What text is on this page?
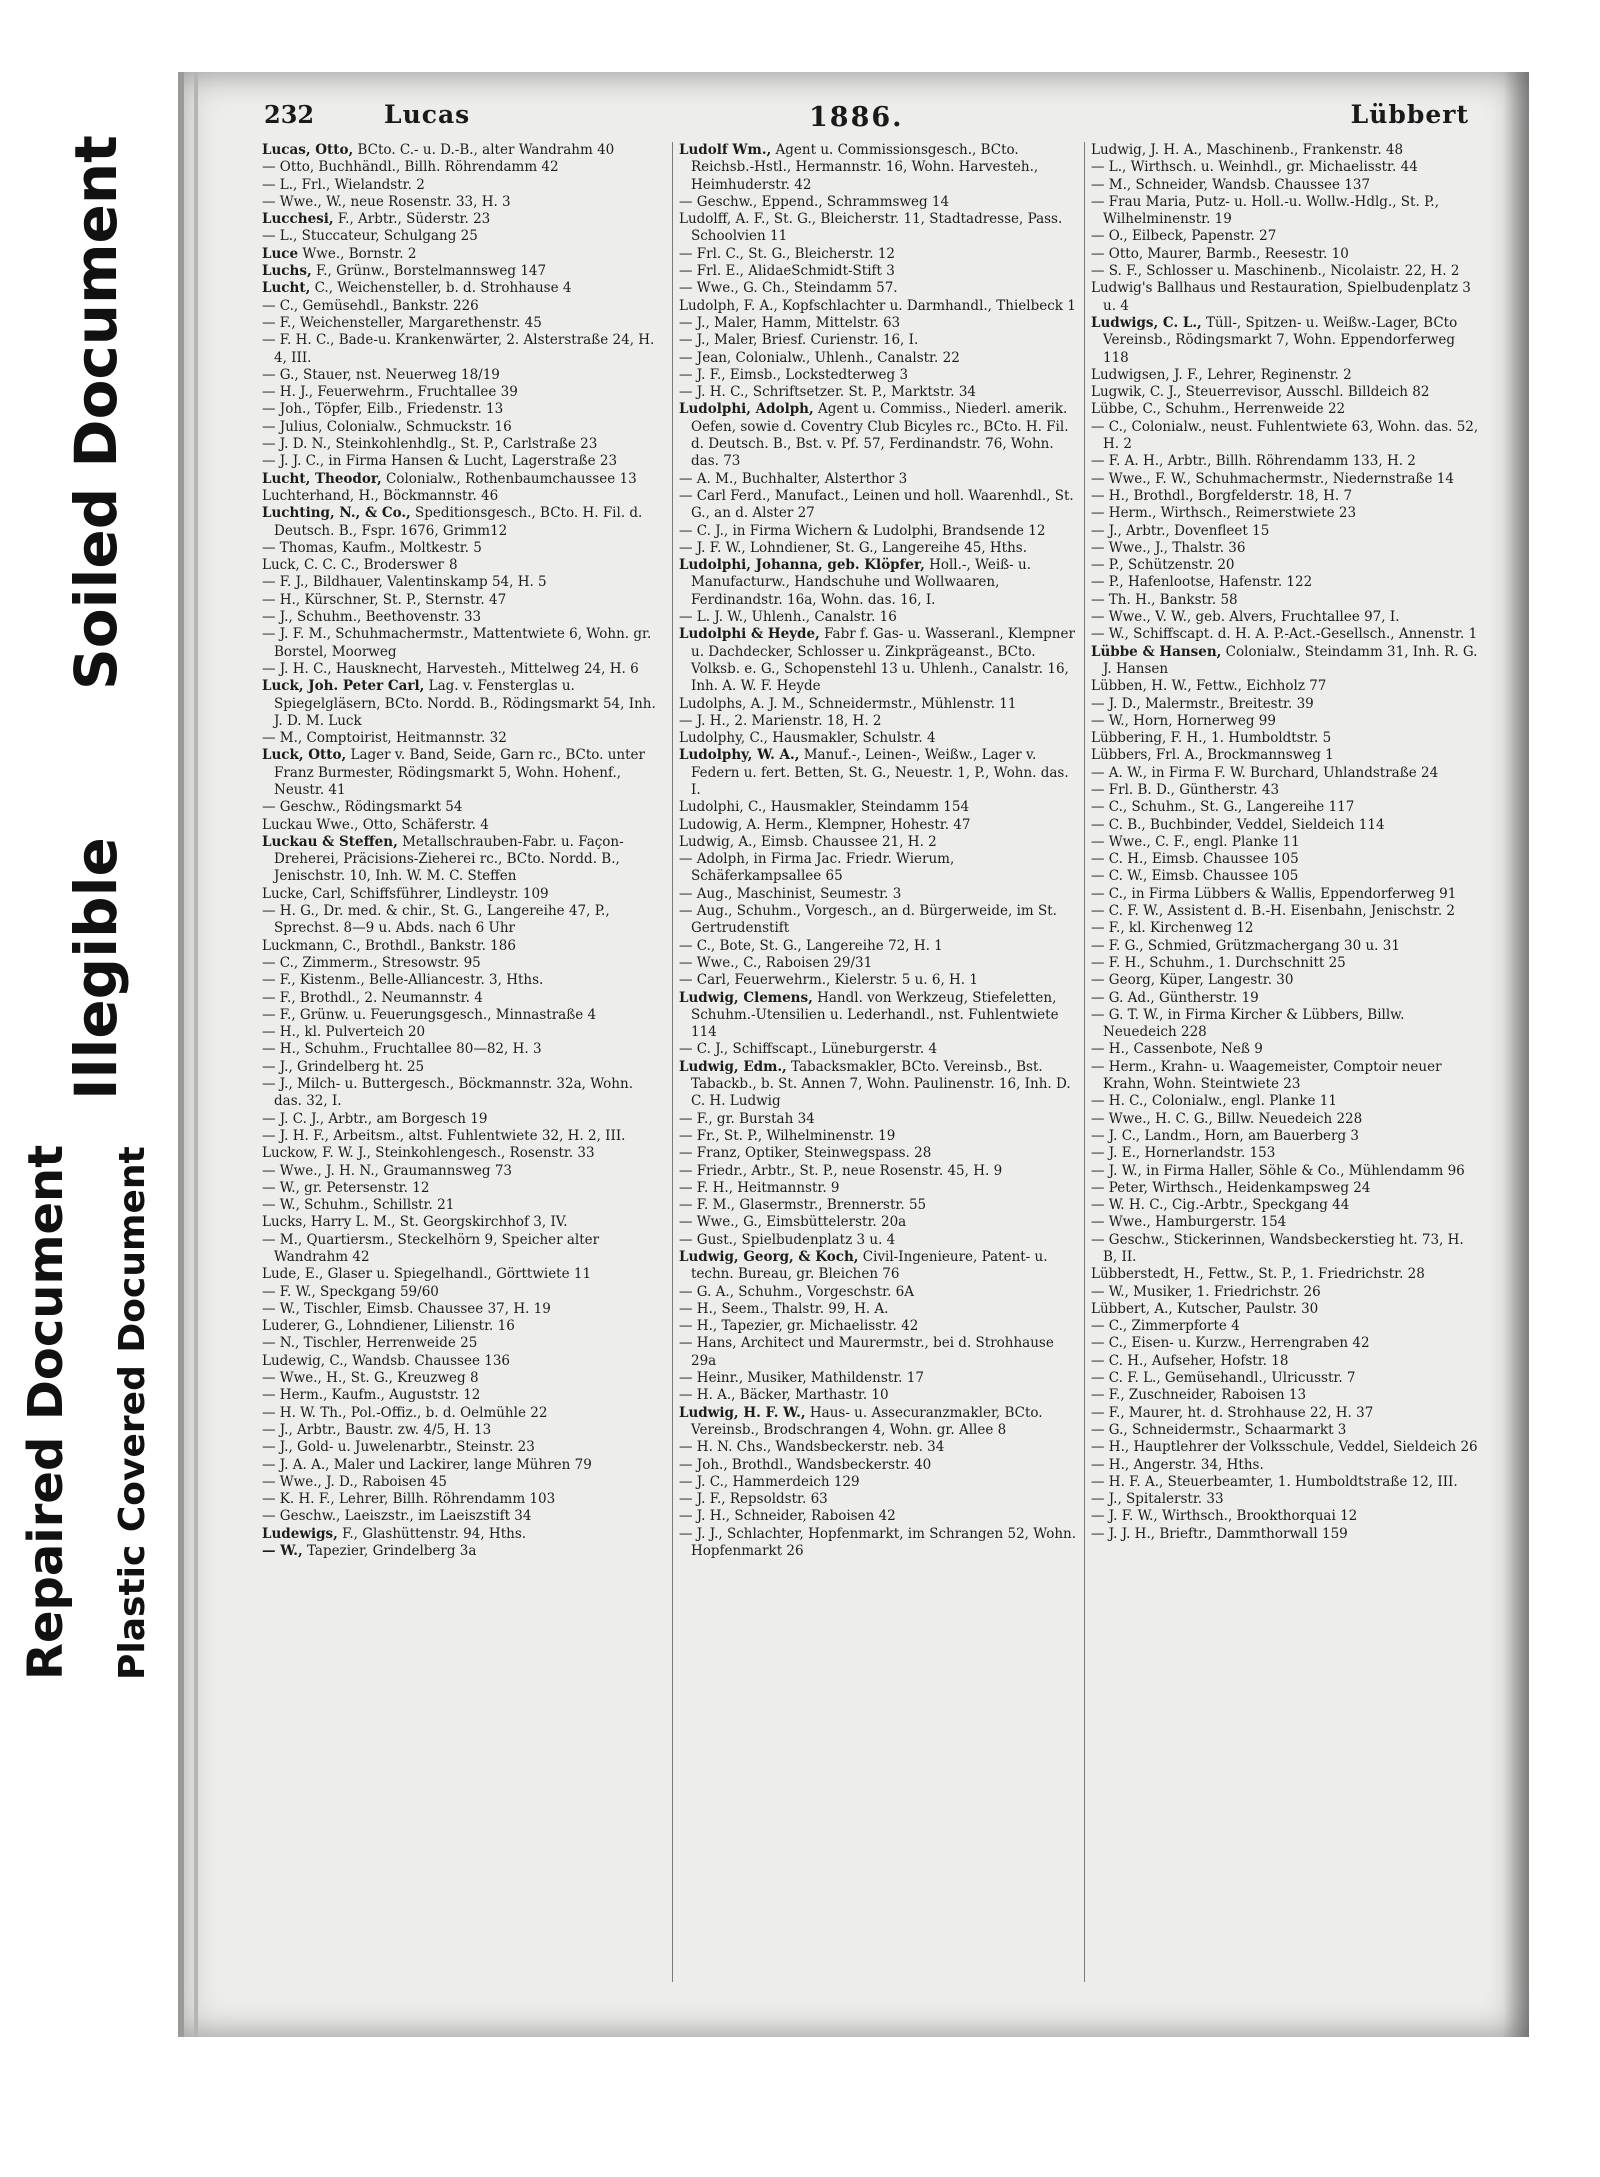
Soiled Document
Illegible
Repaired Document Plastic Covered Document
232	Lucas	1886.	Lübbert

Lucas, Otto, BCto. C.- u. D.-B., alter Wandrahm 40

— Otto, Buchhändl., Billh. Röhrendamm 42

— L., Frl., Wielandstr. 2

— Wwe., W., neue Rosenstr. 33, H. 3

Lucchesi, F., Arbtr., Süderstr. 23

— L., Stuccateur, Schulgang 25

Luce Wwe., Bornstr. 2

Luchs, F., Grünw., Borstelmannsweg 147

Lucht, C., Weichensteller, b. d. Strohhause 4

— C., Gemüsehdl., Bankstr. 226

— F., Weichensteller, Margarethenstr. 45

— F. H. C., Bade-u. Krankenwärter, 2. Alsterstraße 24, H. 4, III.

— G., Stauer, nst. Neuerweg 18/19

— H. J., Feuerwehrm., Fruchtallee 39

— Joh., Töpfer, Eilb., Friedenstr. 13

— Julius, Colonialw., Schmuckstr. 16

— J. D. N., Steinkohlenhdlg., St. P., Carlstraße 23

— J. J. C., in Firma Hansen & Lucht, Lagerstraße 23

Lucht, Theodor, Colonialw., Rothenbaumchaussee 13

Luchterhand, H., Böckmannstr. 46

Luchting, N., & Co., Speditionsgesch., BCto. H. Fil. d. Deutsch. B., Fspr. 1676, Grimm12

— Thomas, Kaufm., Moltkestr. 5

Luck, C. C. C., Broderswег 8

— F. J., Bildhauer, Valentinskamp 54, H. 5

— H., Kürschner, St. P., Sternstr. 47

— J., Schuhm., Beethovenstr. 33

— J. F. M., Schuhmachermstr., Mattentwiete 6, Wohn. gr. Borstel, Moorweg

— J. H. C., Hausknecht, Harvesteh., Mittelweg 24, H. 6

Luck, Joh. Peter Carl, Lag. v. Fensterglas u. Spiegelgläsern, BCto. Nordd. B., Rödingsmarkt 54, Inh. J. D. M. Luck

— M., Comptoirist, Heitmannstr. 32

Luck, Otto, Lager v. Band, Seide, Garn rc., BCto. unter Franz Burmester, Rödingsmarkt 5, Wohn. Hohenf., Neustr. 41

— Geschw., Rödingsmarkt 54

Luckau Wwe., Otto, Schäferstr. 4

Luckau & Steffen, Metallschrauben-Fabr. u. Façon-Dreherei, Präcisions-Zieherei rc., BCto. Nordd. B., Jenischstr. 10, Inh. W. M. C. Steffen

Lucke, Carl, Schiffsführer, Lindleystr. 109

— H. G., Dr. med. & chir., St. G., Langereihe 47, P., Sprechst. 8—9 u. Abds. nach 6 Uhr

Luckmann, C., Brothdl., Bankstr. 186

— C., Zimmerm., Stresowstr. 95

— F., Kistenm., Belle-Alliancestr. 3, Hths.

— F., Brothdl., 2. Neumannstr. 4

— F., Grünw. u. Feuerungsgesch., Minnastraße 4

— H., kl. Pulverteich 20

— H., Schuhm., Fruchtallee 80—82, H. 3

— J., Grindelberg ht. 25

— J., Milch- u. Buttergesch., Böckmannstr. 32a, Wohn. das. 32, I.

— J. C. J., Arbtr., am Borgesch 19

— J. H. F., Arbeitsm., altst. Fuhlentwiete 32, H. 2, III.

Luckow, F. W. J., Steinkohlengesch., Rosenstr. 33

— Wwe., J. H. N., Graumannsweg 73

— W., gr. Petersenstr. 12

— W., Schuhm., Schillstr. 21

Lucks, Harry L. M., St. Georgskirchhof 3, IV.

— M., Quartiersm., Steckelhörn 9, Speicher alter Wandrahm 42

Lude, E., Glaser u. Spiegelhandl., Görttwiete 11

— F. W., Speckgang 59/60

— W., Tischler, Eimsb. Chaussee 37, H. 19

Luderer, G., Lohndiener, Lilienstr. 16

— N., Tischler, Herrenweide 25

Ludewig, C., Wandsb. Chaussee 136

— Wwe., H., St. G., Kreuzweg 8

— Herm., Kaufm., Auguststr. 12

— H. W. Th., Pol.-Offiz., b. d. Oelmühle 22

— J., Arbtr., Baustr. zw. 4/5, H. 13

— J., Gold- u. Juwelenarbtr., Steinstr. 23

— J. A. A., Maler und Lackirer, lange Mühren 79

— Wwe., J. D., Raboisen 45

— K. H. F., Lehrer, Billh. Röhrendamm 103

— Geschw., Laeiszstr., im Laeiszstift 34

Ludewigs, F., Glashüttenstr. 94, Hths.

— W., Tapezier, Grindelberg 3a

Ludolf Wm., Agent u. Commissionsgesch., BCto. Reichsb.-Hstl., Hermannstr. 16, Wohn. Harvesteh., Heimhuderstr. 42

— Geschw., Eppend., Schrammsweg 14

Ludolff, A. F., St. G., Bleicherstr. 11, Stadtadresse, Pass. Schoolvien 11

— Frl. C., St. G., Bleicherstr. 12

— Frl. E., AlidaeSchmidt-Stift 3

— Wwe., G. Ch., Steindamm 57.

Ludolph, F. A., Kopfschlachter u. Darmhandl., Thielbeck 1

— J., Maler, Hamm, Mittelstr. 63

— J., Maler, Briesf. Curienstr. 16, I.

— Jean, Colonialw., Uhlenh., Canalstr. 22

— J. F., Eimsb., Lockstedterweg 3

— J. H. C., Schriftsetzer. St. P., Marktstr. 34

Ludolphi, Adolph, Agent u. Commiss., Niederl. amerik. Oefen, sowie d. Coventry Club Bicyles rc., BCto. H. Fil. d. Deutsch. B., Bst. v. Pf. 57, Ferdinandstr. 76, Wohn. das. 73

— A. M., Buchhalter, Alsterthor 3

— Carl Ferd., Manufact., Leinen und holl. Waarenhdl., St. G., an d. Alster 27

— C. J., in Firma Wichern & Ludolphi, Brandsende 12

— J. F. W., Lohndiener, St. G., Langereihe 45, Hths.

Ludolphi, Johanna, geb. Klöpfer, Holl.-, Weiß- u. Manufacturw., Handschuhe und Wollwaaren, Ferdinandstr. 16a, Wohn. das. 16, I.

— L. J. W., Uhlenh., Canalstr. 16

Ludolphi & Heyde, Fabr f. Gas- u. Wasseranl., Klempner u. Dachdecker, Schlosser u. Zinkprägeanst., BCto. Volksb. e. G., Schopenstehl 13 u. Uhlenh., Canalstr. 16, Inh. A. W. F. Heyde

Ludolphs, A. J. M., Schneidermstr., Mühlenstr. 11

— J. H., 2. Marienstr. 18, H. 2

Ludolphy, C., Hausmakler, Schulstr. 4

Ludolphy, W. A., Manuf.-, Leinen-, Weißw., Lager v. Federn u. fert. Betten, St. G., Neuestr. 1, P., Wohn. das. I.

Ludolphi, C., Hausmakler, Steindamm 154

Ludowig, A. Herm., Klempner, Hohestr. 47

Ludwig, A., Eimsb. Chaussee 21, H. 2

— Adolph, in Firma Jac. Friedr. Wierum, Schäferkampsallee 65

— Aug., Maschinist, Seumestr. 3

— Aug., Schuhm., Vorgesch., an d. Bürgerweide, im St. Gertrudenstift

— C., Bote, St. G., Langereihe 72, H. 1

— Wwe., C., Raboisen 29/31

— Carl, Feuerwehrm., Kielerstr. 5 u. 6, H. 1

Ludwig, Clemens, Handl. von Werkzeug, Stiefeletten, Schuhm.-Utensilien u. Lederhandl., nst. Fuhlentwiete 114

— C. J., Schiffscapt., Lüneburgerstr. 4

Ludwig, Edm., Tabacksmakler, BCto. Vereinsb., Bst. Tabackb., b. St. Annen 7, Wohn. Paulinenstr. 16, Inh. D. C. H. Ludwig

— F., gr. Burstah 34

— Fr., St. P., Wilhelminenstr. 19

— Franz, Optiker, Steinwegspass. 28

— Friedr., Arbtr., St. P., neue Rosenstr. 45, H. 9

— F. H., Heitmannstr. 9

— F. M., Glasermstr., Brennerstr. 55

— Wwe., G., Eimsbüttelerstr. 20a

— Gust., Spielbudenplatz 3 u. 4

Ludwig, Georg, & Koch, Civil-Ingenieure, Patent- u. techn. Bureau, gr. Bleichen 76

— G. A., Schuhm., Vorgeschstr. 6A

— H., Seem., Thalstr. 99, H. A.

— H., Tapezier, gr. Michaelisstr. 42

— Hans, Architect und Maurermstr., bei d. Strohhause 29a

— Heinr., Musiker, Mathildenstr. 17

— H. A., Bäcker, Marthastr. 10

Ludwig, H. F. W., Haus- u. Assecuranzmakler, BCto. Vereinsb., Brodschrangen 4, Wohn. gr. Allee 8

— H. N. Chs., Wandsbeckerstr. neb. 34

— Joh., Brothdl., Wandsbeckerstr. 40

— J. C., Hammerdeich 129

— J. F., Repsoldstr. 63

— J. H., Schneider, Raboisen 42

— J. J., Schlachter, Hopfenmarkt, im Schrangen 52, Wohn. Hopfenmarkt 26

Ludwig, J. H. A., Maschinenb., Frankenstr. 48

— L., Wirthsch. u. Weinhdl., gr. Michaelisstr. 44

— M., Schneider, Wandsb. Chaussee 137

— Frau Maria, Putz- u. Holl.-u. Wollw.-Hdlg., St. P., Wilhelminenstr. 19

— O., Eilbeck, Papenstr. 27

— Otto, Maurer, Barmb., Reesestr. 10

— S. F., Schlosser u. Maschinenb., Nicolaistr. 22, H. 2

Ludwig's Ballhaus und Restauration, Spielbudenplatz 3 u. 4

Ludwigs, C. L., Tüll-, Spitzen- u. Weißw.-Lager, BCto Vereinsb., Rödingsmarkt 7, Wohn. Eppendorferweg 118

Ludwigsen, J. F., Lehrer, Reginenstr. 2

Lugwik, C. J., Steuerrevisor, Ausschl. Billdeich 82

Lübbe, C., Schuhm., Herrenweide 22

— C., Colonialw., neust. Fuhlentwiete 63, Wohn. das. 52, H. 2

— F. A. H., Arbtr., Billh. Röhrendamm 133, H. 2

— Wwe., F. W., Schuhmachermstr., Niedernstraße 14

— H., Brothdl., Borgfelderstr. 18, H. 7

— Herm., Wirthsch., Reimerstwiete 23

— J., Arbtr., Dovenfleet 15

— Wwe., J., Thalstr. 36

— P., Schützenstr. 20

— P., Hafenlootse, Hafenstr. 122

— Th. H., Bankstr. 58

— Wwe., V. W., geb. Alvers, Fruchtallee 97, I.

— W., Schiffscapt. d. H. A. P.-Act.-Gesellsch., Annenstr. 1

Lübbe & Hansen, Colonialw., Steindamm 31, Inh. R. G. J. Hansen

Lübben, H. W., Fettw., Eichholz 77

— J. D., Malermstr., Breitestr. 39

— W., Horn, Hornerweg 99

Lübbering, F. H., 1. Humboldtstr. 5

Lübbers, Frl. A., Brockmannsweg 1

— A. W., in Firma F. W. Burchard, Uhlandstraße 24

— Frl. B. D., Güntherstr. 43

— C., Schuhm., St. G., Langereihe 117

— C. B., Buchbinder, Veddel, Sieldeich 114

— Wwe., C. F., engl. Planke 11

— C. H., Eimsb. Chaussee 105

— C. W., Eimsb. Chaussee 105

— C., in Firma Lübbers & Wallis, Eppendorferweg 91

— C. F. W., Assistent d. B.-H. Eisenbahn, Jenischstr. 2

— F., kl. Kirchenweg 12

— F. G., Schmied, Grützmachergang 30 u. 31

— F. H., Schuhm., 1. Durchschnitt 25

— Georg, Küper, Langestr. 30

— G. Ad., Güntherstr. 19

— G. T. W., in Firma Kircher & Lübbers, Billw. Neuedeich 228

— H., Cassenbote, Neß 9

— Herm., Krahn- u. Waagemeister, Comptoir neuer Krahn, Wohn. Steintwiete 23

— H. C., Colonialw., engl. Planke 11

— Wwe., H. C. G., Billw. Neuedeich 228

— J. C., Landm., Horn, am Bauerberg 3

— J. E., Hornerlandstr. 153

— J. W., in Firma Haller, Söhle & Co., Mühlendamm 96

— Peter, Wirthsch., Heidenkampsweg 24

— W. H. C., Cig.-Arbtr., Speckgang 44

— Wwe., Hamburgerstr. 154

— Geschw., Stickerinnen, Wandsbeckerstieg ht. 73, H. B, II.

Lübberstedt, H., Fettw., St. P., 1. Friedrichstr. 28

— W., Musiker, 1. Friedrichstr. 26

Lübbert, A., Kutscher, Paulstr. 30

— C., Zimmerpforte 4

— C., Eisen- u. Kurzw., Herrengraben 42

— C. H., Aufseher, Hofstr. 18

— C. F. L., Gemüsehandl., Ulricusstr. 7

— F., Zuschneider, Raboisen 13

— F., Maurer, ht. d. Strohhause 22, H. 37

— G., Schneidermstr., Schaarmarkt 3

— H., Hauptlehrer der Volksschule, Veddel, Sieldeich 26

— H., Angerstr. 34, Hths.

— H. F. A., Steuerbeamter, 1. Humboldtstraße 12, III.

— J., Spitalerstr. 33

— J. F. W., Wirthsch., Brookthorquai 12

— J. J. H., Brieftr., Dammthorwall 159
